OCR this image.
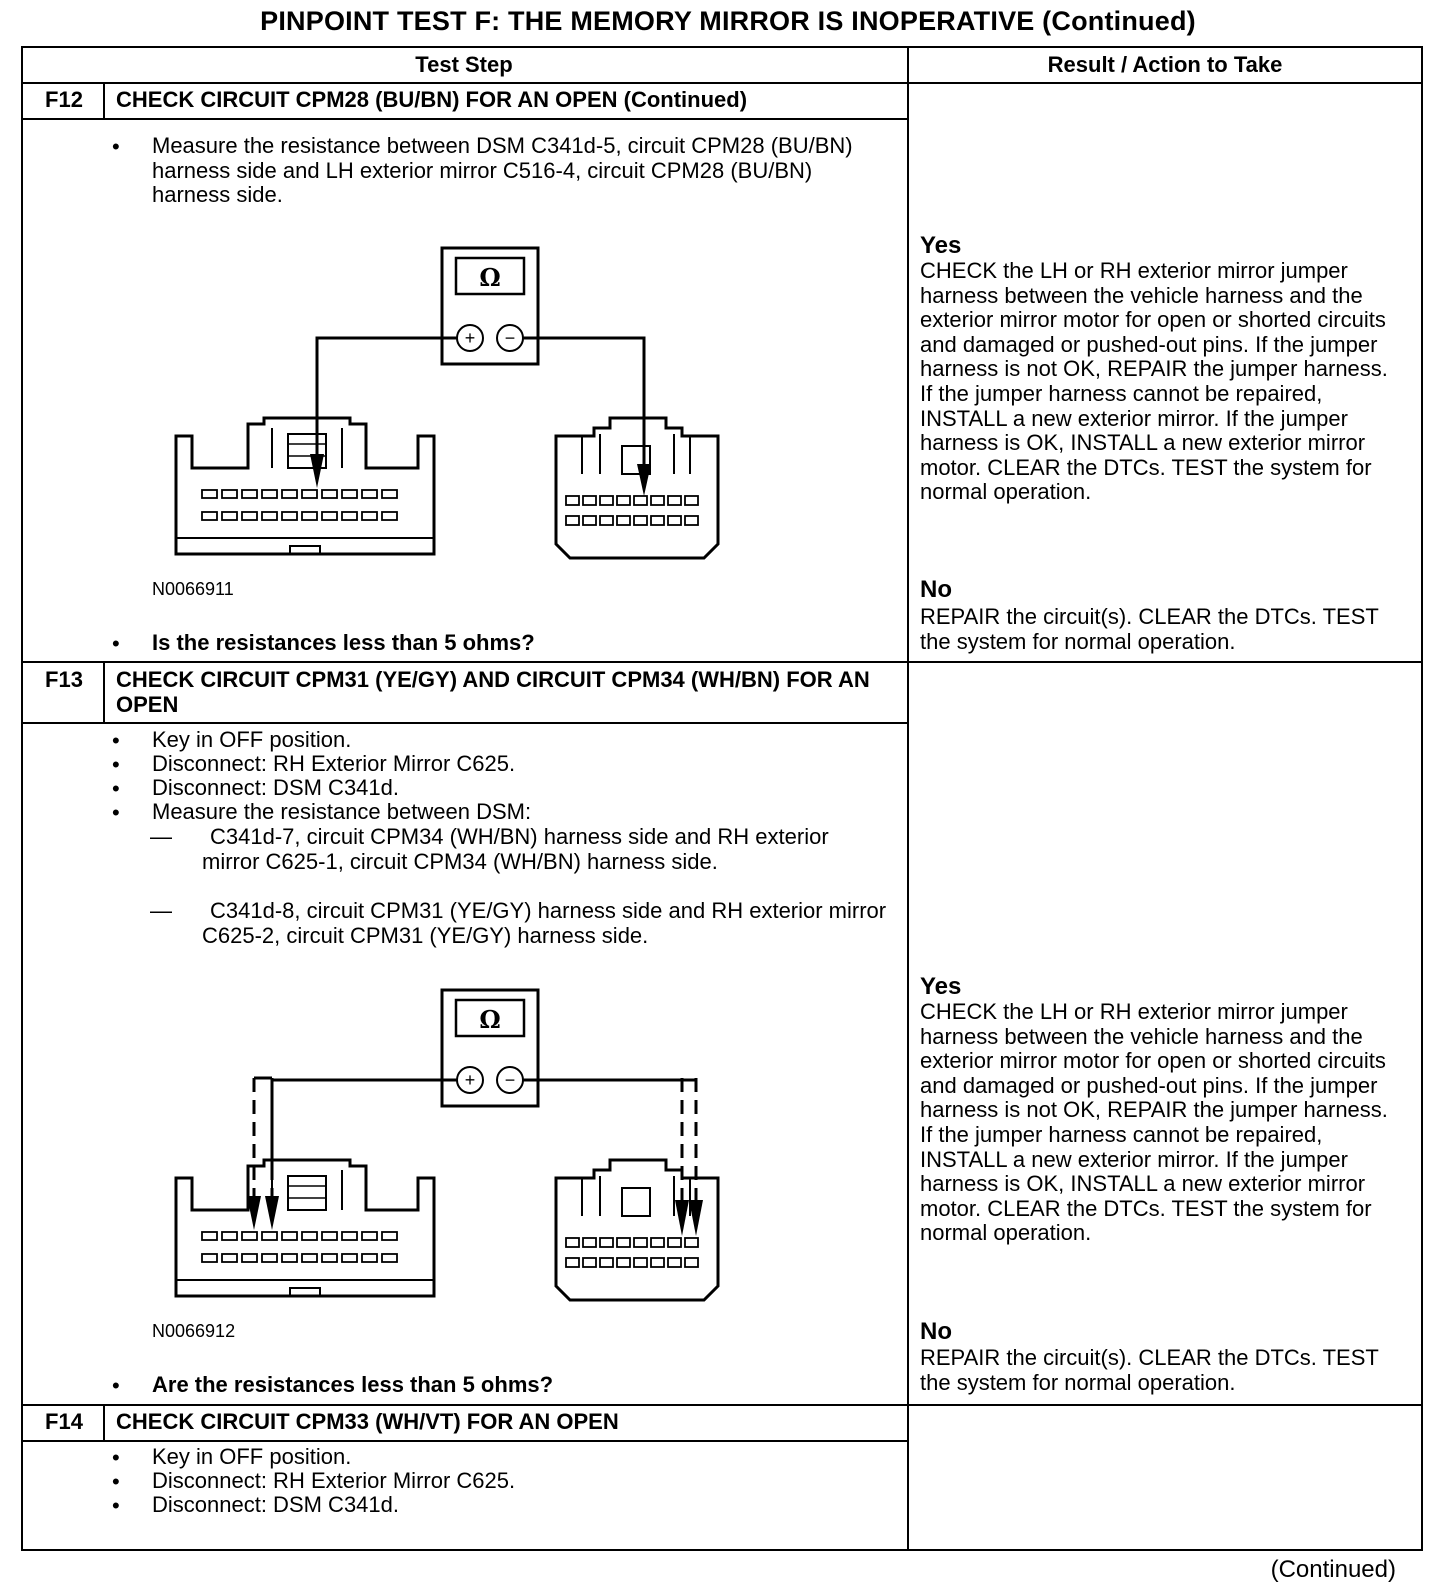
PINPOINT TEST F: THE MEMORY MIRROR IS INOPERATIVE (Continued)
Test Step	Result / Action to Take
F12	CHECK CIRCUIT CPM28 (BU/BN) FOR AN OPEN (Continued)
• Measure the resistance between DSM C341d-5, circuit CPM28 (BU/BN) harness side and LH exterior mirror C516-4, circuit CPM28 (BU/BN) harness side.
Ω
+ −
N0066911
• Is the resistances less than 5 ohms?
Yes
CHECK the LH or RH exterior mirror jumper harness between the vehicle harness and the exterior mirror motor for open or shorted circuits and damaged or pushed-out pins. If the jumper harness is not OK, REPAIR the jumper harness. If the jumper harness cannot be repaired, INSTALL a new exterior mirror. If the jumper harness is OK, INSTALL a new exterior mirror motor. CLEAR the DTCs. TEST the system for normal operation.
No
REPAIR the circuit(s). CLEAR the DTCs. TEST the system for normal operation.
F13	CHECK CIRCUIT CPM31 (YE/GY) AND CIRCUIT CPM34 (WH/BN) FOR AN OPEN
• Key in OFF position.
• Disconnect: RH Exterior Mirror C625.
• Disconnect: DSM C341d.
• Measure the resistance between DSM:
—	C341d-7, circuit CPM34 (WH/BN) harness side and RH exterior mirror C625-1, circuit CPM34 (WH/BN) harness side.
—	C341d-8, circuit CPM31 (YE/GY) harness side and RH exterior mirror C625-2, circuit CPM31 (YE/GY) harness side.
Ω
+ −
N0066912
• Are the resistances less than 5 ohms?
Yes
CHECK the LH or RH exterior mirror jumper harness between the vehicle harness and the exterior mirror motor for open or shorted circuits and damaged or pushed-out pins. If the jumper harness is not OK, REPAIR the jumper harness. If the jumper harness cannot be repaired, INSTALL a new exterior mirror. If the jumper harness is OK, INSTALL a new exterior mirror motor. CLEAR the DTCs. TEST the system for normal operation.
No
REPAIR the circuit(s). CLEAR the DTCs. TEST the system for normal operation.
F14	CHECK CIRCUIT CPM33 (WH/VT) FOR AN OPEN
• Key in OFF position.
• Disconnect: RH Exterior Mirror C625.
• Disconnect: DSM C341d.
(Continued)
